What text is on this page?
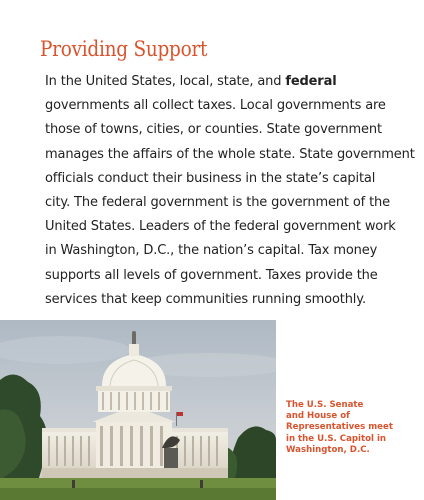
Providing Support
In the United States, local, state, and federal
governments all collect taxes. Local governments are
those of towns, cities, or counties. State government
manages the affairs of the whole state. State government
officials conduct their business in the state’s capital
city. The federal government is the government of the
United States. Leaders of the federal government work
in Washington, D.C., the nation’s capital. Tax money
supports all levels of government. Taxes provide the
services that keep communities running smoothly.
The U.S. Senate
and House of
Representatives meet
in the U.S. Capitol in
Washington, D.C.
